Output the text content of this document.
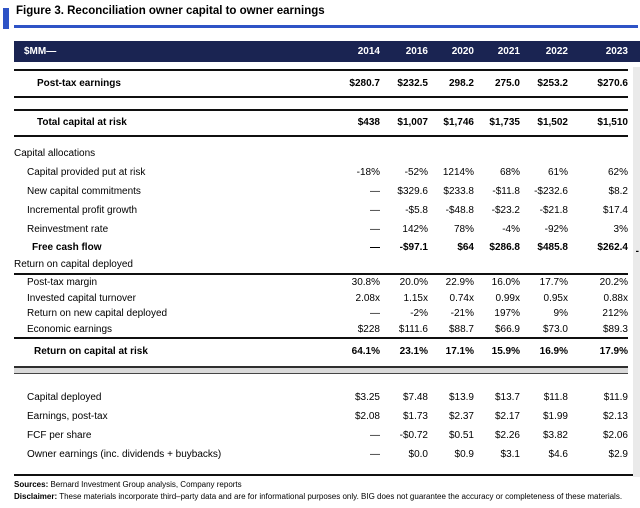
Figure 3. Reconciliation owner capital to owner earnings
$MM—	2014	2016	2020	2021	2022	2023
-
Post-tax earnings	$280.7	$232.5	298.2	275.0	$253.2	$270.6
Total capital at risk	$438	$1,007	$1,746	$1,735	$1,502	$1,510
Capital allocations
Capital provided put at risk	-18%	-52%	1214%	68%	61%	62%
New capital commitments	—	$329.6	$233.8	-$11.8	-$232.6	$8.2
Incremental profit growth	—	-$5.8	-$48.8	-$23.2	-$21.8	$17.4
Reinvestment rate	—	142%	78%	-4%	-92%	3%
Free cash flow	—	-$97.1	$64	$286.8	$485.8	$262.4
Return on capital deployed
Post-tax margin	30.8%	20.0%	22.9%	16.0%	17.7%	20.2%
Invested capital turnover	2.08x	1.15x	0.74x	0.99x	0.95x	0.88x
Return on new capital deployed	—	-2%	-21%	197%	9%	212%
Economic earnings	$228	$111.6	$88.7	$66.9	$73.0	$89.3
Return on capital at risk	64.1%	23.1%	17.1%	15.9%	16.9%	17.9%
Capital deployed	$3.25	$7.48	$13.9	$13.7	$11.8	$11.9
Earnings, post-tax	$2.08	$1.73	$2.37	$2.17	$1.99	$2.13
FCF per share	—	-$0.72	$0.51	$2.26	$3.82	$2.06
Owner earnings (inc. dividends + buybacks)	—	$0.0	$0.9	$3.1	$4.6	$2.9
Sources: Bernard Investment Group analysis, Company reports
Disclaimer: These materials incorporate third–party data and are for informational purposes only. BIG does not guarantee the accuracy or completeness of these materials.
